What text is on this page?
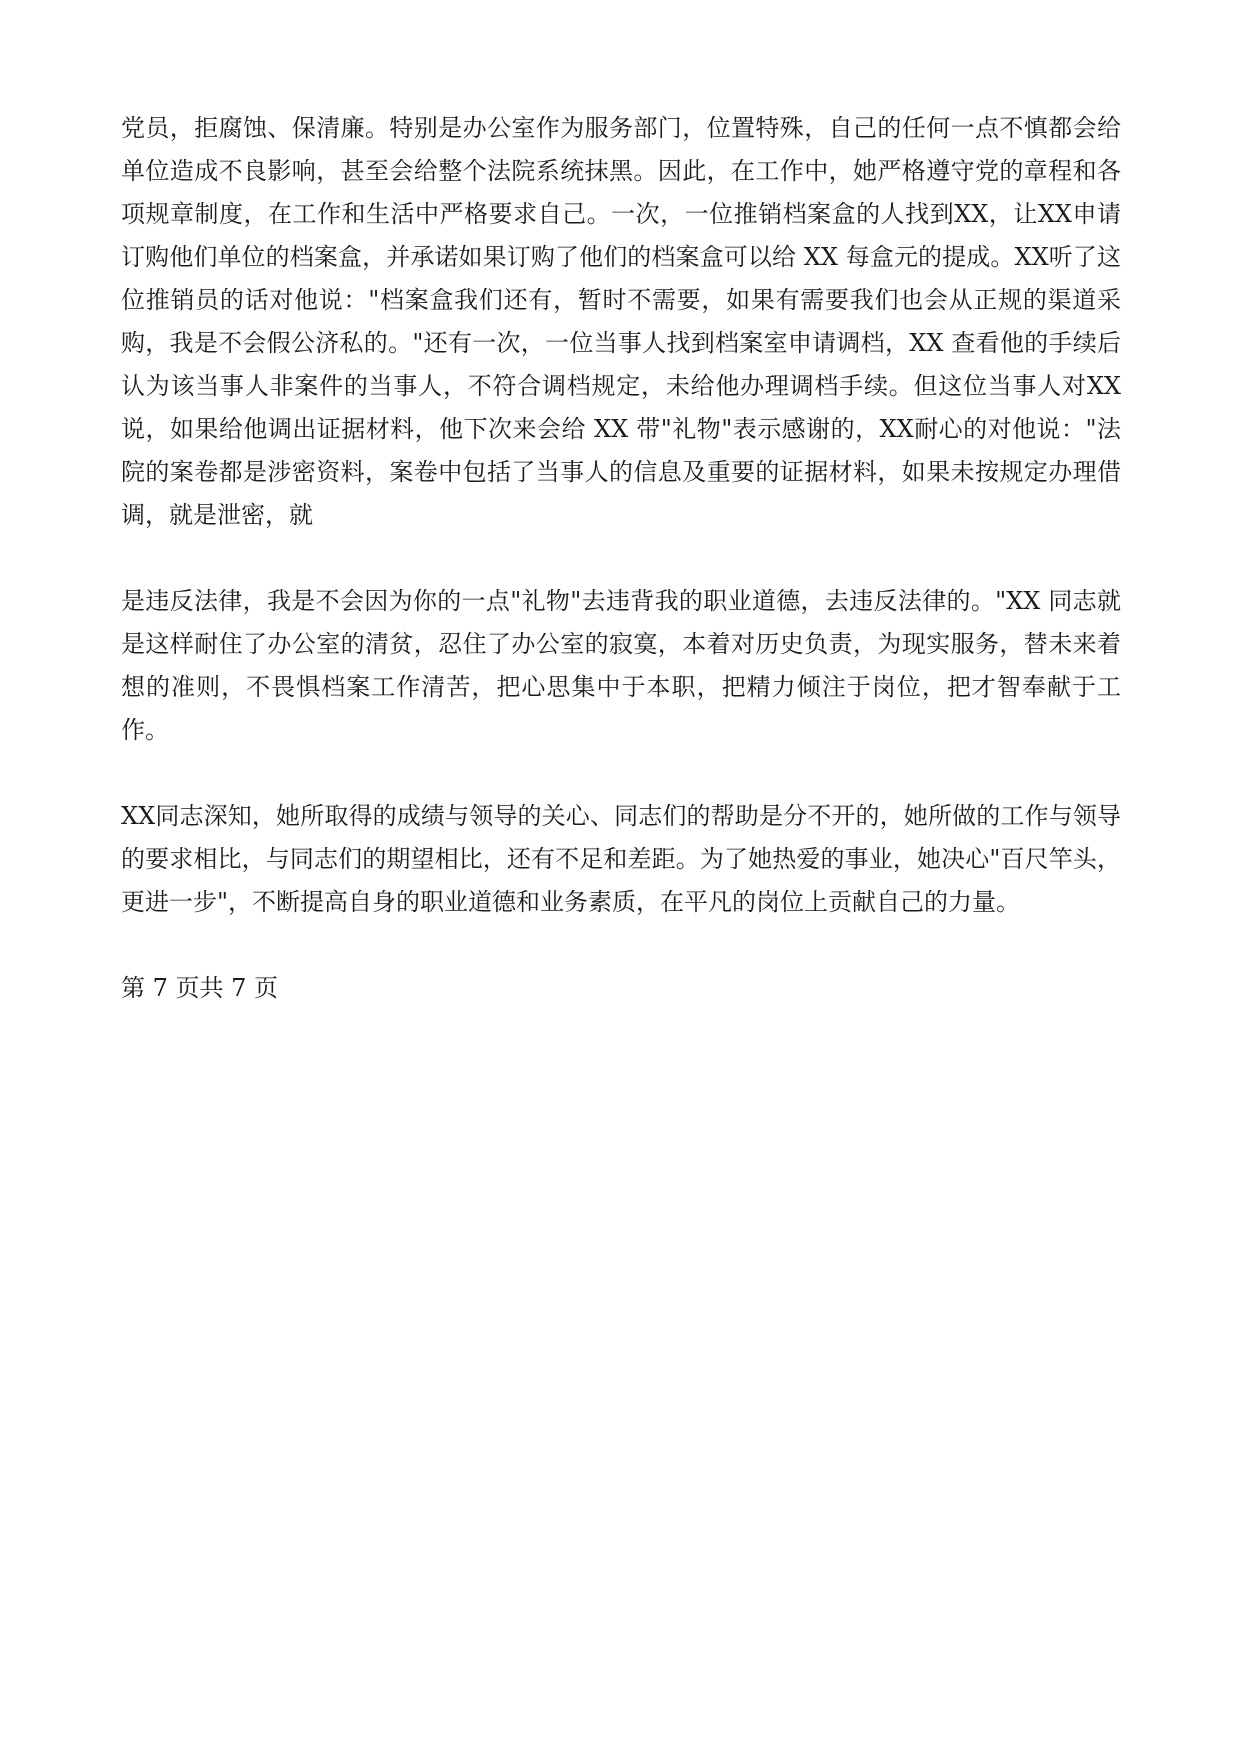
党员，拒腐蚀、保清廉。特别是办公室作为服务部门，位置特殊，自己的任何一点不慎都会给单位造成不良影响，甚至会给整个法院系统抹黑。因此，在工作中，她严格遵守党的章程和各项规章制度，在工作和生活中严格要求自己。一次，一位推销档案盒的人找到XX，让XX申请订购他们单位的档案盒，并承诺如果订购了他们的档案盒可以给 XX 每盒元的提成。XX听了这位推销员的话对他说："档案盒我们还有，暂时不需要，如果有需要我们也会从正规的渠道采购，我是不会假公济私的。"还有一次，一位当事人找到档案室申请调档，XX 查看他的手续后认为该当事人非案件的当事人，不符合调档规定，未给他办理调档手续。但这位当事人对XX说，如果给他调出证据材料，他下次来会给 XX 带"礼物"表示感谢的，XX耐心的对他说："法院的案卷都是涉密资料，案卷中包括了当事人的信息及重要的证据材料，如果未按规定办理借调，就是泄密，就

是违反法律，我是不会因为你的一点"礼物"去违背我的职业道德，去违反法律的。"XX 同志就是这样耐住了办公室的清贫，忍住了办公室的寂寞，本着对历史负责，为现实服务，替未来着想的准则，不畏惧档案工作清苦，把心思集中于本职，把精力倾注于岗位，把才智奉献于工作。

XX同志深知，她所取得的成绩与领导的关心、同志们的帮助是分不开的，她所做的工作与领导的要求相比，与同志们的期望相比，还有不足和差距。为了她热爱的事业，她决心"百尺竿头，更进一步"，不断提高自身的职业道德和业务素质，在平凡的岗位上贡献自己的力量。

第 7 页共 7 页
